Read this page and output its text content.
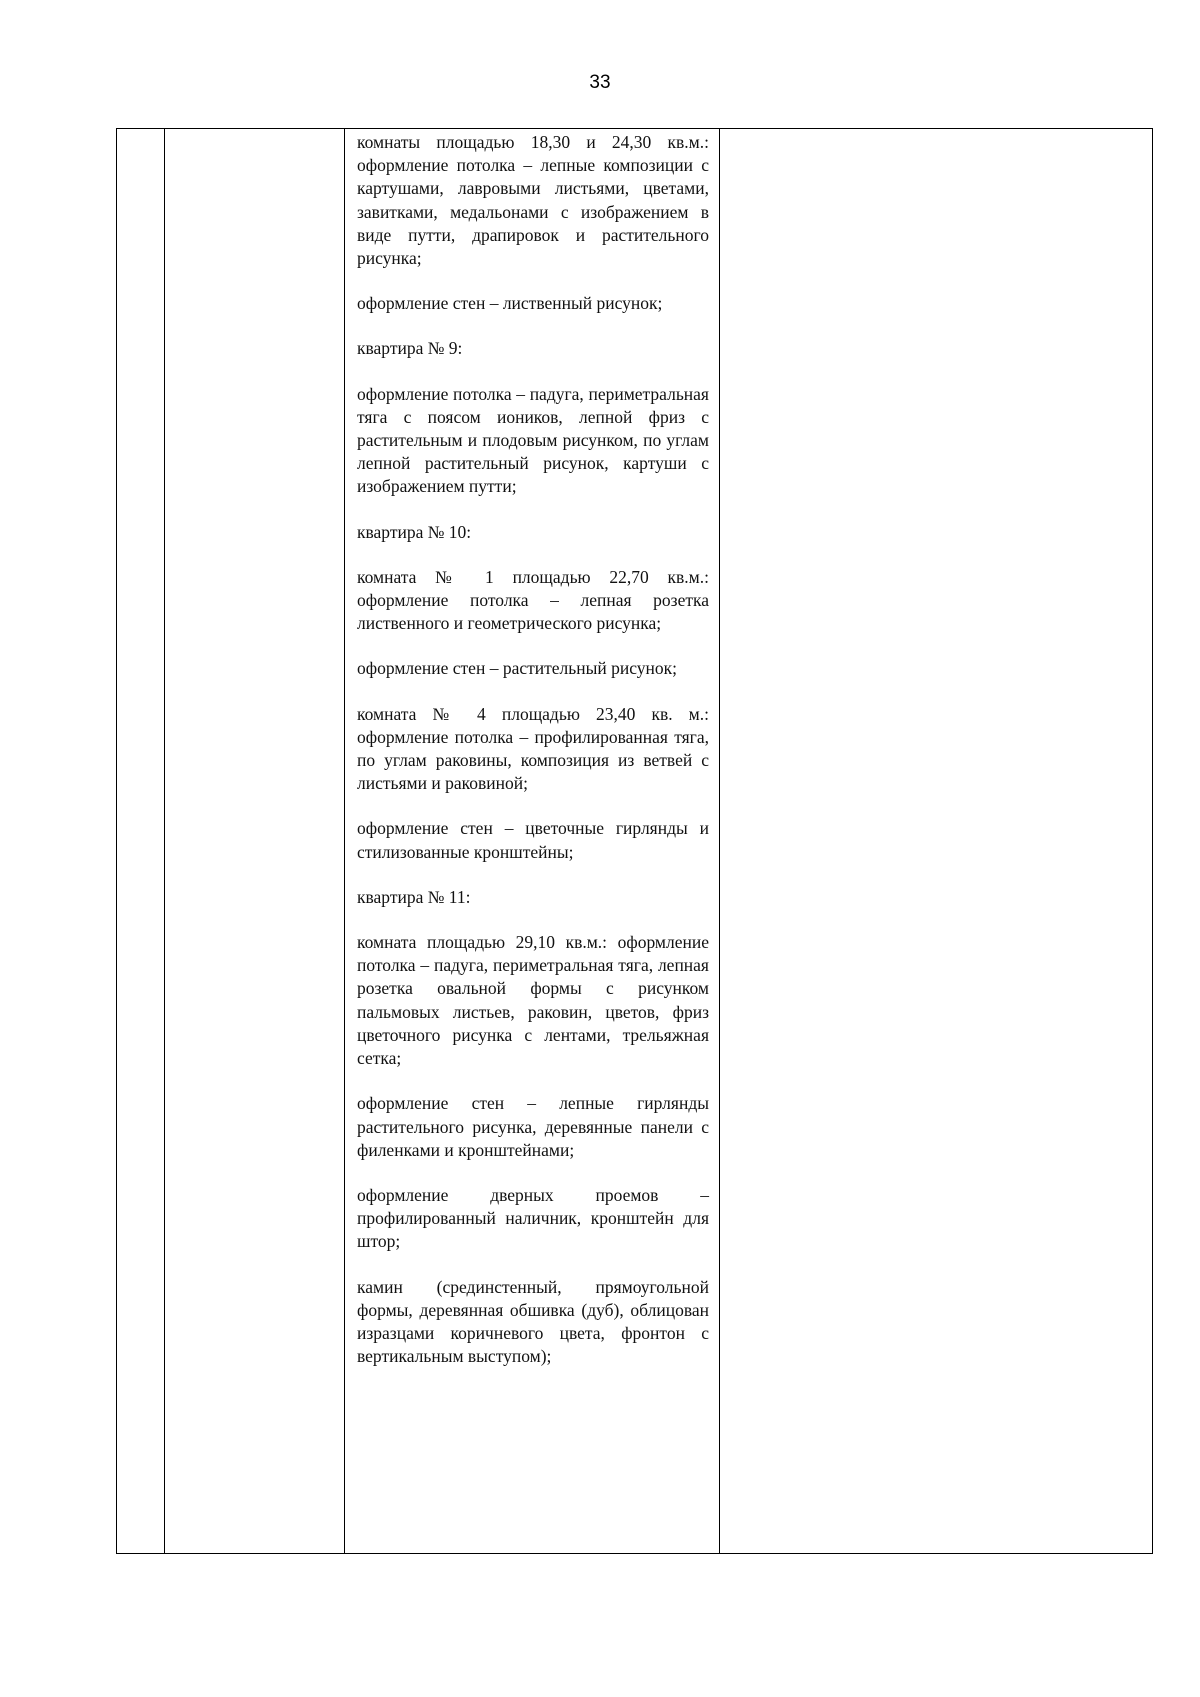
33

комнаты площадью 18,30 и 24,30 кв.м.: оформление потолка – лепные композиции с картушами, лавровыми листьями, цветами, завитками, медальонами с изображением в виде путти, драпировок и растительного рисунка;

оформление стен – лиственный рисунок;

квартира № 9:

оформление потолка – падуга, периметральная тяга с поясом иоников, лепной фриз с растительным и плодовым рисунком, по углам лепной растительный рисунок, картуши с изображением путти;

квартира № 10:

комната № 1 площадью 22,70 кв.м.: оформление потолка – лепная розетка лиственного и геометрического рисунка;

оформление стен – растительный рисунок;

комната № 4 площадью 23,40 кв. м.: оформление потолка – профилированная тяга, по углам раковины, композиция из ветвей с листьями и раковиной;

оформление стен – цветочные гирлянды и стилизованные кронштейны;

квартира № 11:

комната площадью 29,10 кв.м.: оформление потолка – падуга, периметральная тяга, лепная розетка овальной формы с рисунком пальмовых листьев, раковин, цветов, фриз цветочного рисунка с лентами, трельяжная сетка;

оформление стен – лепные гирлянды растительного рисунка, деревянные панели с филенками и кронштейнами;

оформление дверных проемов – профилированный наличник, кронштейн для штор;

камин (срединстенный, прямоугольной формы, деревянная обшивка (дуб), облицован изразцами коричневого цвета, фронтон с вертикальным выступом);
